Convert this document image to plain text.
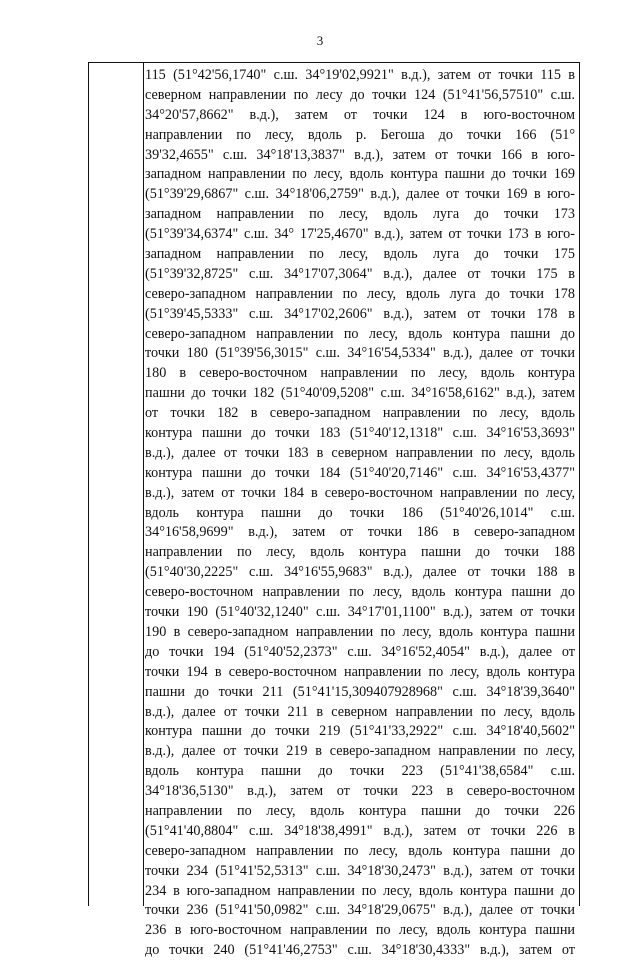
3
115 (51°42'56,1740" с.ш. 34°19'02,9921" в.д.), затем от точки 115 в
северном направлении по лесу до точки 124 (51°41'56,57510" с.ш.
34°20'57,8662" в.д.), затем от точки 124 в юго-восточном
направлении по лесу, вдоль р. Бегоша до точки 166 (51°
39'32,4655" с.ш. 34°18'13,3837" в.д.), затем от точки 166 в юго-
западном направлении по лесу, вдоль контура пашни до точки 169
(51°39'29,6867" с.ш. 34°18'06,2759" в.д.), далее от точки 169 в юго-
западном направлении по лесу, вдоль луга до точки 173
(51°39'34,6374" с.ш. 34° 17'25,4670" в.д.), затем от точки 173 в юго-
западном направлении по лесу, вдоль луга до точки 175
(51°39'32,8725" с.ш. 34°17'07,3064" в.д.), далее от точки 175 в
северо-западном направлении по лесу, вдоль луга до точки 178
(51°39'45,5333" с.ш. 34°17'02,2606" в.д.), затем от точки 178 в
северо-западном направлении по лесу, вдоль контура пашни до
точки 180 (51°39'56,3015" с.ш. 34°16'54,5334" в.д.), далее от точки
180 в северо-восточном направлении по лесу, вдоль контура
пашни до точки 182 (51°40'09,5208" с.ш. 34°16'58,6162" в.д.), затем
от точки 182 в северо-западном направлении по лесу, вдоль
контура пашни до точки 183 (51°40'12,1318" с.ш. 34°16'53,3693"
в.д.), далее от точки 183 в северном направлении по лесу, вдоль
контура пашни до точки 184 (51°40'20,7146" с.ш. 34°16'53,4377"
в.д.), затем от точки 184 в северо-восточном направлении по лесу,
вдоль контура пашни до точки 186 (51°40'26,1014" с.ш.
34°16'58,9699" в.д.), затем от точки 186 в северо-западном
направлении по лесу, вдоль контура пашни до точки 188
(51°40'30,2225" с.ш. 34°16'55,9683" в.д.), далее от точки 188 в
северо-восточном направлении по лесу, вдоль контура пашни до
точки 190 (51°40'32,1240" с.ш. 34°17'01,1100" в.д.), затем от точки
190 в северо-западном направлении по лесу, вдоль контура пашни
до точки 194 (51°40'52,2373" с.ш. 34°16'52,4054" в.д.), далее от
точки 194 в северо-восточном направлении по лесу, вдоль контура
пашни до точки 211 (51°41'15,309407928968" с.ш. 34°18'39,3640"
в.д.), далее от точки 211 в северном направлении по лесу, вдоль
контура пашни до точки 219 (51°41'33,2922" с.ш. 34°18'40,5602"
в.д.), далее от точки 219 в северо-западном направлении по лесу,
вдоль контура пашни до точки 223 (51°41'38,6584" с.ш.
34°18'36,5130" в.д.), затем от точки 223 в северо-восточном
направлении по лесу, вдоль контура пашни до точки 226
(51°41'40,8804" с.ш. 34°18'38,4991" в.д.), затем от точки 226 в
северо-западном направлении по лесу, вдоль контура пашни до
точки 234 (51°41'52,5313" с.ш. 34°18'30,2473" в.д.), затем от точки
234 в юго-западном направлении по лесу, вдоль контура пашни до
точки 236 (51°41'50,0982" с.ш. 34°18'29,0675" в.д.), далее от точки
236 в юго-восточном направлении по лесу, вдоль контура пашни
до точки 240 (51°41'46,2753" с.ш. 34°18'30,4333" в.д.), затем от
